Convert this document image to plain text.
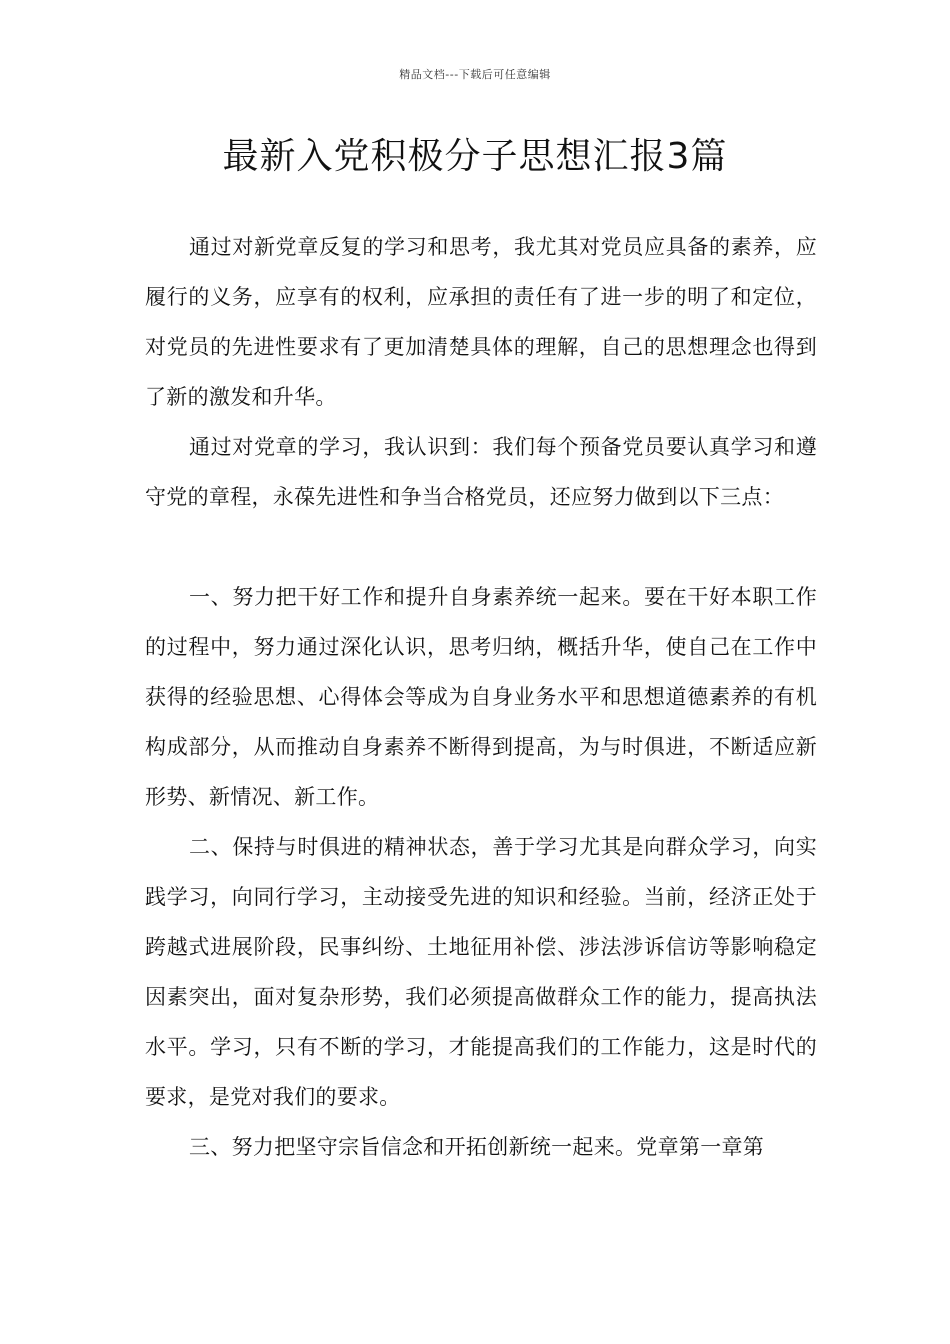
精品文档---下载后可任意编辑
最新入党积极分子思想汇报3篇

通过对新党章反复的学习和思考，我尤其对党员应具备的素养，应履行的义务，应享有的权利，应承担的责任有了进一步的明了和定位，对党员的先进性要求有了更加清楚具体的理解，自己的思想理念也得到了新的激发和升华。

通过对党章的学习，我认识到：我们每个预备党员要认真学习和遵守党的章程，永葆先进性和争当合格党员，还应努力做到以下三点：

一、努力把干好工作和提升自身素养统一起来。要在干好本职工作的过程中，努力通过深化认识，思考归纳，概括升华，使自己在工作中获得的经验思想、心得体会等成为自身业务水平和思想道德素养的有机构成部分，从而推动自身素养不断得到提高，为与时俱进，不断适应新形势、新情况、新工作。

二、保持与时俱进的精神状态，善于学习尤其是向群众学习，向实践学习，向同行学习，主动接受先进的知识和经验。当前，经济正处于跨越式进展阶段，民事纠纷、土地征用补偿、涉法涉诉信访等影响稳定因素突出，面对复杂形势，我们必须提高做群众工作的能力，提高执法水平。学习，只有不断的学习，才能提高我们的工作能力，这是时代的要求，是党对我们的要求。

三、努力把坚守宗旨信念和开拓创新统一起来。党章第一章第
